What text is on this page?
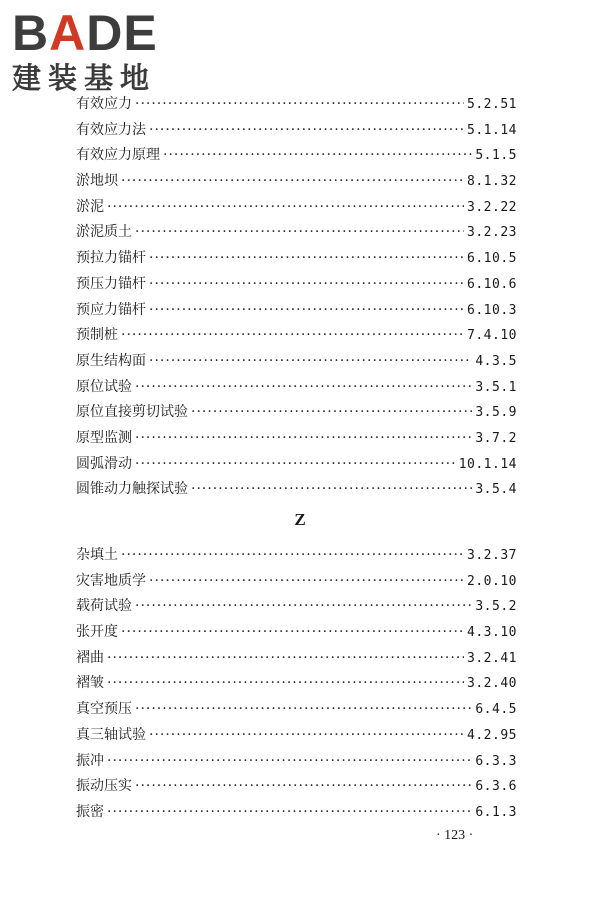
BADE
建装基地
有效应力 ·····	5.2.51
有效应力法 ·····	5.1.14
有效应力原理 ·····	5.1.5
淤地坝 ·····	8.1.32
淤泥 ·····	3.2.22
淤泥质土 ·····	3.2.23
预拉力锚杆 ·····	6.10.5
预压力锚杆 ·····	6.10.6
预应力锚杆 ·····	6.10.3
预制桩 ·····	7.4.10
原生结构面 ·····	4.3.5
原位试验 ·····	3.5.1
原位直接剪切试验 ·····	3.5.9
原型监测 ·····	3.7.2
圆弧滑动 ·····	10.1.14
圆锥动力触探试验 ·····	3.5.4
Z
杂填土 ·····	3.2.37
灾害地质学 ·····	2.0.10
载荷试验 ·····	3.5.2
张开度 ·····	4.3.10
褶曲 ·····	3.2.41
褶皱 ·····	3.2.40
真空预压 ·····	6.4.5
真三轴试验 ·····	4.2.95
振冲 ·····	6.3.3
振动压实 ·····	6.3.6
振密 ·····	6.1.3
· 123 ·
